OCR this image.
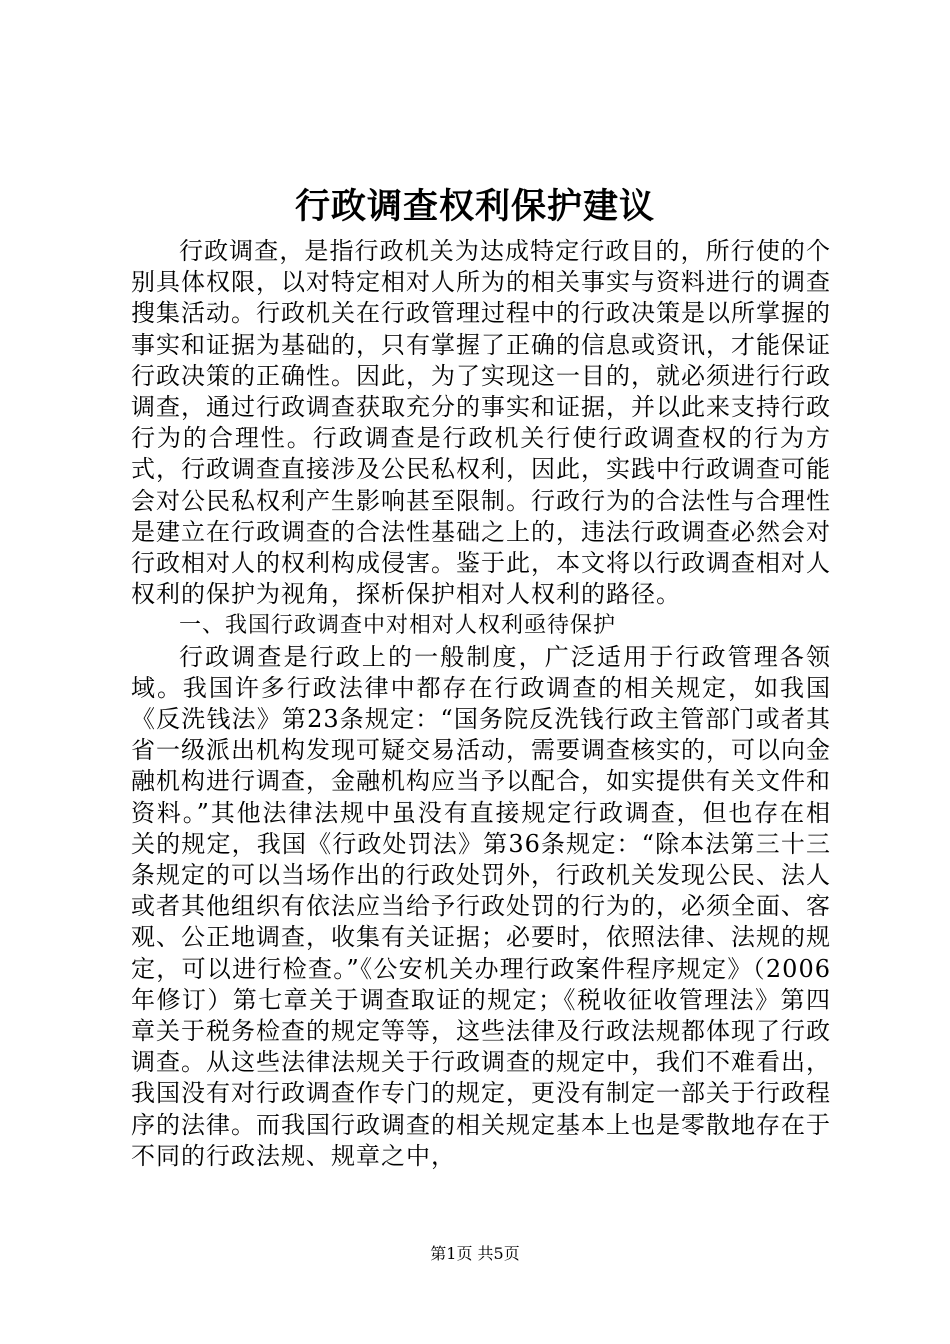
行政调查权利保护建议

行政调查，是指行政机关为达成特定行政目的，所行使的个别具体权限，以对特定相对人所为的相关事实与资料进行的调查搜集活动。行政机关在行政管理过程中的行政决策是以所掌握的事实和证据为基础的，只有掌握了正确的信息或资讯，才能保证行政决策的正确性。因此，为了实现这一目的，就必须进行行政调查，通过行政调查获取充分的事实和证据，并以此来支持行政行为的合理性。行政调查是行政机关行使行政调查权的行为方式，行政调查直接涉及公民私权利，因此，实践中行政调查可能会对公民私权利产生影响甚至限制。行政行为的合法性与合理性是建立在行政调查的合法性基础之上的，违法行政调查必然会对行政相对人的权利构成侵害。鉴于此，本文将以行政调查相对人权利的保护为视角，探析保护相对人权利的路径。

一、我国行政调查中对相对人权利亟待保护

行政调查是行政上的一般制度，广泛适用于行政管理各领域。我国许多行政法律中都存在行政调查的相关规定，如我国《反洗钱法》第23条规定：“国务院反洗钱行政主管部门或者其省一级派出机构发现可疑交易活动，需要调查核实的，可以向金融机构进行调查，金融机构应当予以配合，如实提供有关文件和资料。”其他法律法规中虽没有直接规定行政调查，但也存在相关的规定，我国《行政处罚法》第36条规定：“除本法第三十三条规定的可以当场作出的行政处罚外，行政机关发现公民、法人或者其他组织有依法应当给予行政处罚的行为的，必须全面、客观、公正地调查，收集有关证据；必要时，依照法律、法规的规定，可以进行检查。”《公安机关办理行政案件程序规定》（2006年修订）第七章关于调查取证的规定；《税收征收管理法》第四章关于税务检查的规定等等，这些法律及行政法规都体现了行政调查。从这些法律法规关于行政调查的规定中，我们不难看出，我国没有对行政调查作专门的规定，更没有制定一部关于行政程序的法律。而我国行政调查的相关规定基本上也是零散地存在于不同的行政法规、规章之中，

第1页 共5页
